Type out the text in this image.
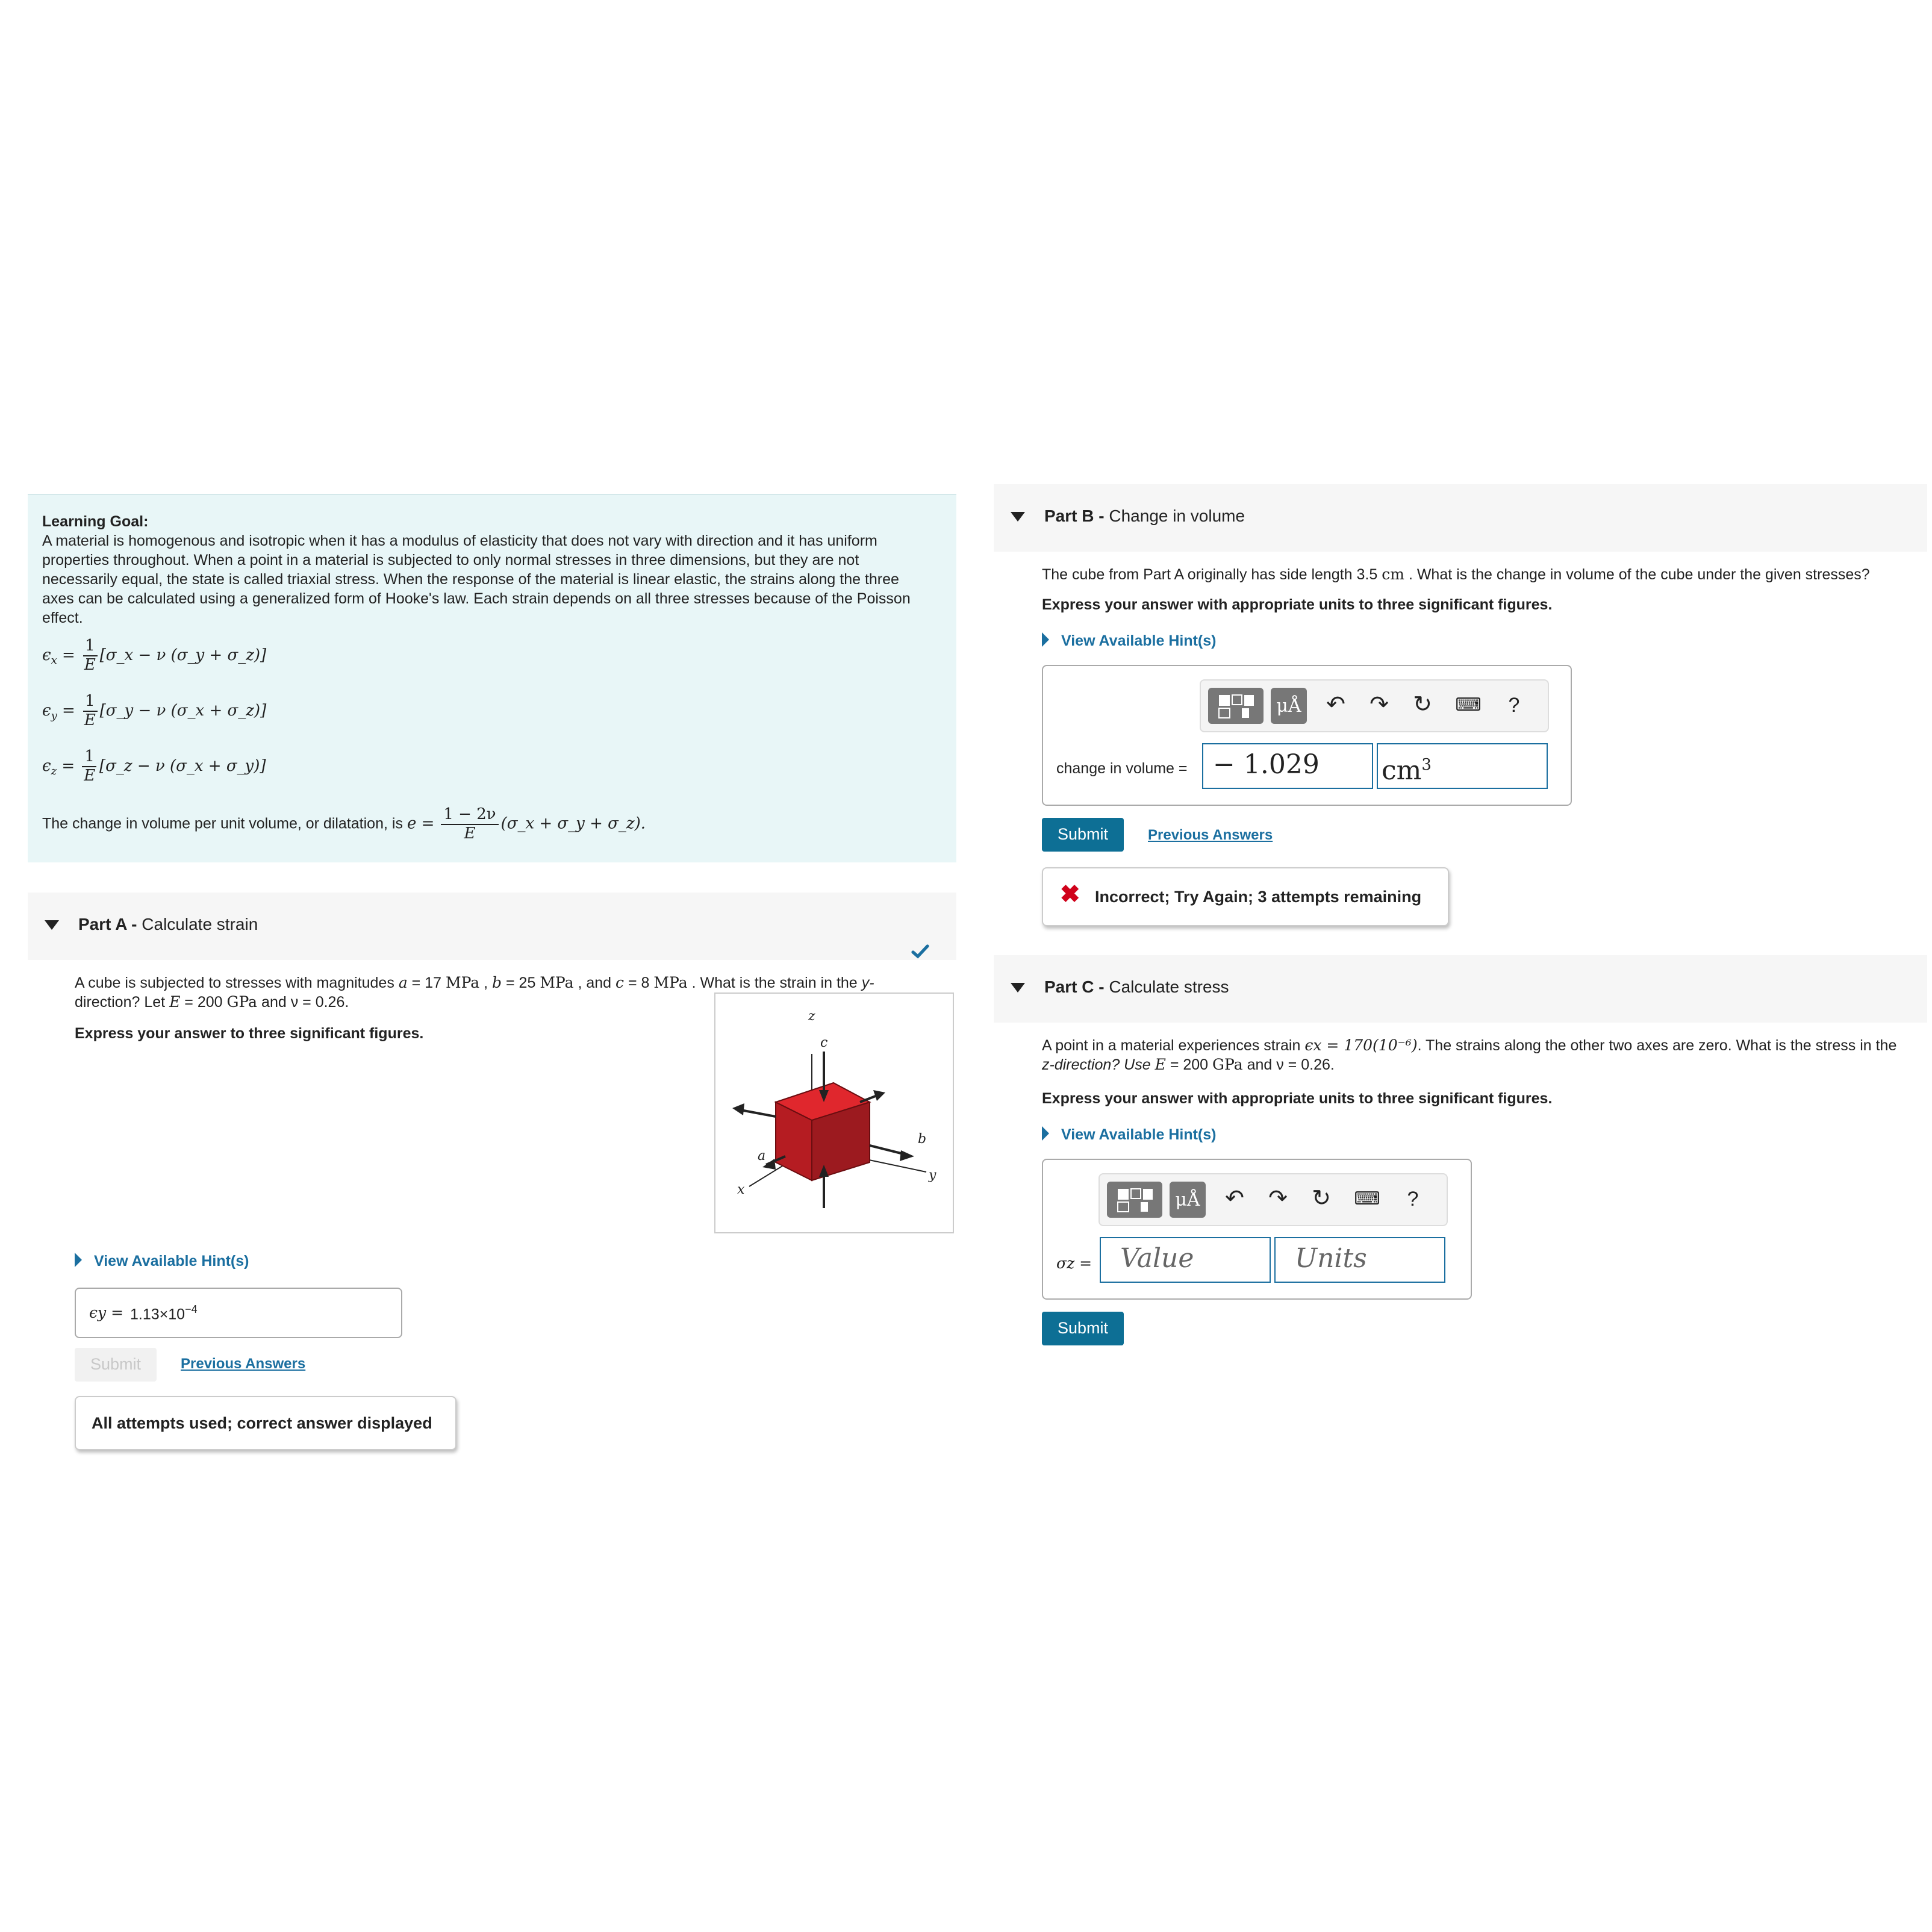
Learning Goal:
A material is homogenous and isotropic when it has a modulus of elasticity that does not vary with direction and it has uniform properties throughout. When a point in a material is subjected to only normal stresses in three dimensions, but they are not necessarily equal, the state is called triaxial stress. When the response of the material is linear elastic, the strains along the three axes can be calculated using a generalized form of Hooke's law. Each strain depends on all three stresses because of the Poisson effect.
$\epsilon_x = \frac{1}{E}$ [σ_x − ν (σ_y + σ_z)]
$\epsilon_y = \frac{1}{E}$ [σ_y − ν (σ_x + σ_z)]
$\epsilon_z = \frac{1}{E}$ [σ_z − ν (σ_x + σ_y)]
The change in volume per unit volume, or dilatation, is $e = \frac{1 - 2\nu}{E}$ (σ_x + σ_y + σ_z).
Part A - Calculate strain
A cube is subjected to stresses with magnitudes a = 17 MPa , b = 25 MPa , and c = 8 MPa . What is the strain in the y-
direction? Let E = 200 GPa and ν = 0.26.
Express your answer to three significant figures.
z
c
b
a
x
y
View Available Hint(s)
$\epsilon y = 1.13\times 10^{-4}$
Submit	Previous Answers
All attempts used; correct answer displayed
Part B - Change in volume
The cube from Part A originally has side length 3.5 cm . What is the change in volume of the cube under the given stresses?
Express your answer with appropriate units to three significant figures.
View Available Hint(s)
μÅ	↶	↷	↻	⌨	?
change in volume =	− 1.029	$cm^3$
Submit	Previous Answers
✖ Incorrect; Try Again; 3 attempts remaining
Part C - Calculate stress
A point in a material experiences strain ϵx = 170(10⁻⁶). The strains along the other two axes are zero. What is the stress in the
z-direction? Use E = 200 GPa and ν = 0.26.
Express your answer with appropriate units to three significant figures.
View Available Hint(s)
μÅ	↶	↷	↻	⌨	?
σz =	Value	Units
Submit
